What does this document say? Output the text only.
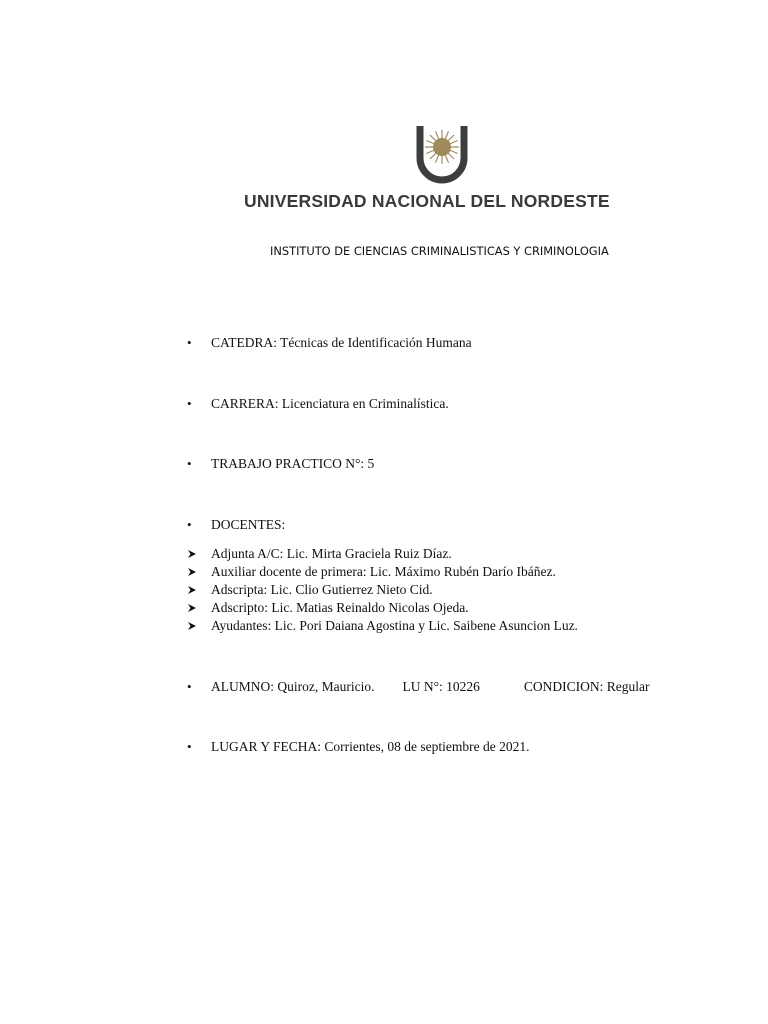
UNIVERSIDAD NACIONAL DEL NORDESTE
INSTITUTO DE CIENCIAS CRIMINALISTICAS Y CRIMINOLOGIA
• CATEDRA: Técnicas de Identificación Humana
• CARRERA: Licenciatura en Criminalística.
• TRABAJO PRACTICO N°: 5
• DOCENTES:
Adjunta A/C: Lic. Mirta Graciela Ruiz Díaz.
Auxiliar docente de primera: Lic. Máximo Rubén Darío Ibáñez.
Adscripta: Lic. Clio Gutierrez Nieto Cid.
Adscripto: Lic. Matias Reinaldo Nicolas Ojeda.
Ayudantes: Lic. Pori Daiana Agostina y Lic. Saibene Asuncion Luz.
• ALUMNO: Quiroz, Mauricio. LU N°: 10226	CONDICION: Regular
• LUGAR Y FECHA: Corrientes, 08 de septiembre de 2021.
